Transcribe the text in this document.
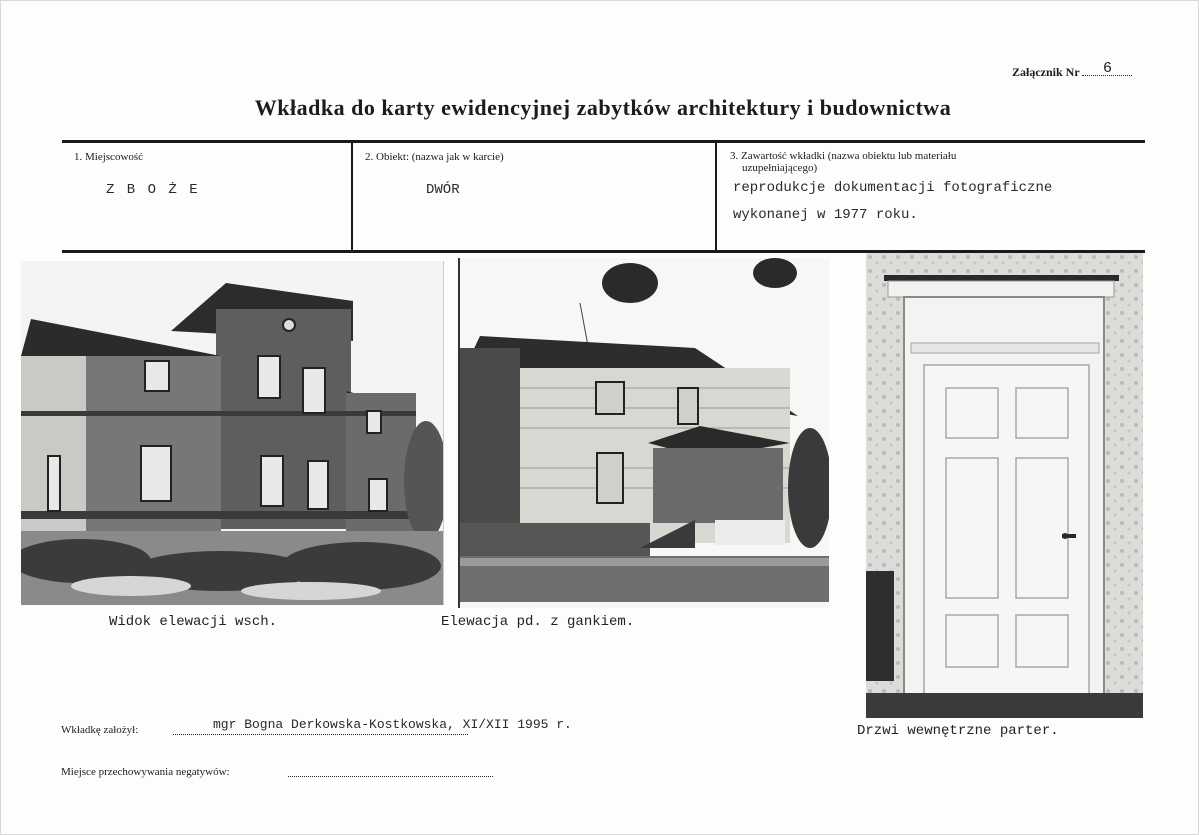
Załącznik Nr 6
Wkładka do karty ewidencyjnej zabytków architektury i budownictwa
1. Miejscowość
Z B O Ż E
2. Obiekt: (nazwa jak w karcie)
DWÓR
3. Zawartość wkładki (nazwa obiektu lub materiału
uzupełniającego)
reprodukcje dokumentacji fotograficzne
wykonanej w 1977 roku.
Widok elewacji wsch.	Elewacja pd. z gankiem.
Drzwi wewnętrzne parter.
Wkładkę założył:	mgr Bogna Derkowska-Kostkowska, XI/XII 1995 r.
Miejsce przechowywania negatywów:
